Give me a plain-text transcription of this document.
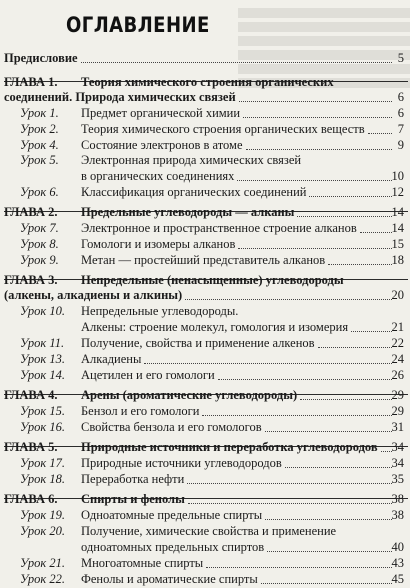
ОГЛАВЛЕНИЕ
Предисловие	5
ГЛАВА 1. Теория химического строения органических
соединений. Природа химических связей	6
Урок 1. Предмет органической химии	6
Урок 2. Теория химического строения органических веществ	7
Урок 4. Состояние электронов в атоме	9
Урок 5. Электронная природа химических связей
в органических соединениях	10
Урок 6. Классификация органических соединений	12
ГЛАВА 2. Предельные углеводороды — алканы	14
Урок 7. Электронное и пространственное строение алканов	14
Урок 8. Гомологи и изомеры алканов	15
Урок 9. Метан — простейший представитель алканов	18
ГЛАВА 3. Непредельные (ненасыщенные) углеводороды
(алкены, алкадиены и алкины)	20
Урок 10. Непредельные углеводороды.
Алкены: строение молекул, гомология и изомерия	21
Урок 11. Получение, свойства и применение алкенов	22
Урок 13. Алкадиены	24
Урок 14. Ацетилен и его гомологи	26
ГЛАВА 4. Арены (ароматические углеводороды)	29
Урок 15. Бензол и его гомологи	29
Урок 16. Свойства бензола и его гомологов	31
ГЛАВА 5. Природные источники и переработка углеводородов 34
Урок 17. Природные источники углеводородов	34
Урок 18. Переработка нефти	35
ГЛАВА 6. Спирты и фенолы	38
Урок 19. Одноатомные предельные спирты	38
Урок 20. Получение, химические свойства и применение
одноатомных предельных спиртов	40
Урок 21. Многоатомные спирты	43
Урок 22. Фенолы и ароматические спирты	45
